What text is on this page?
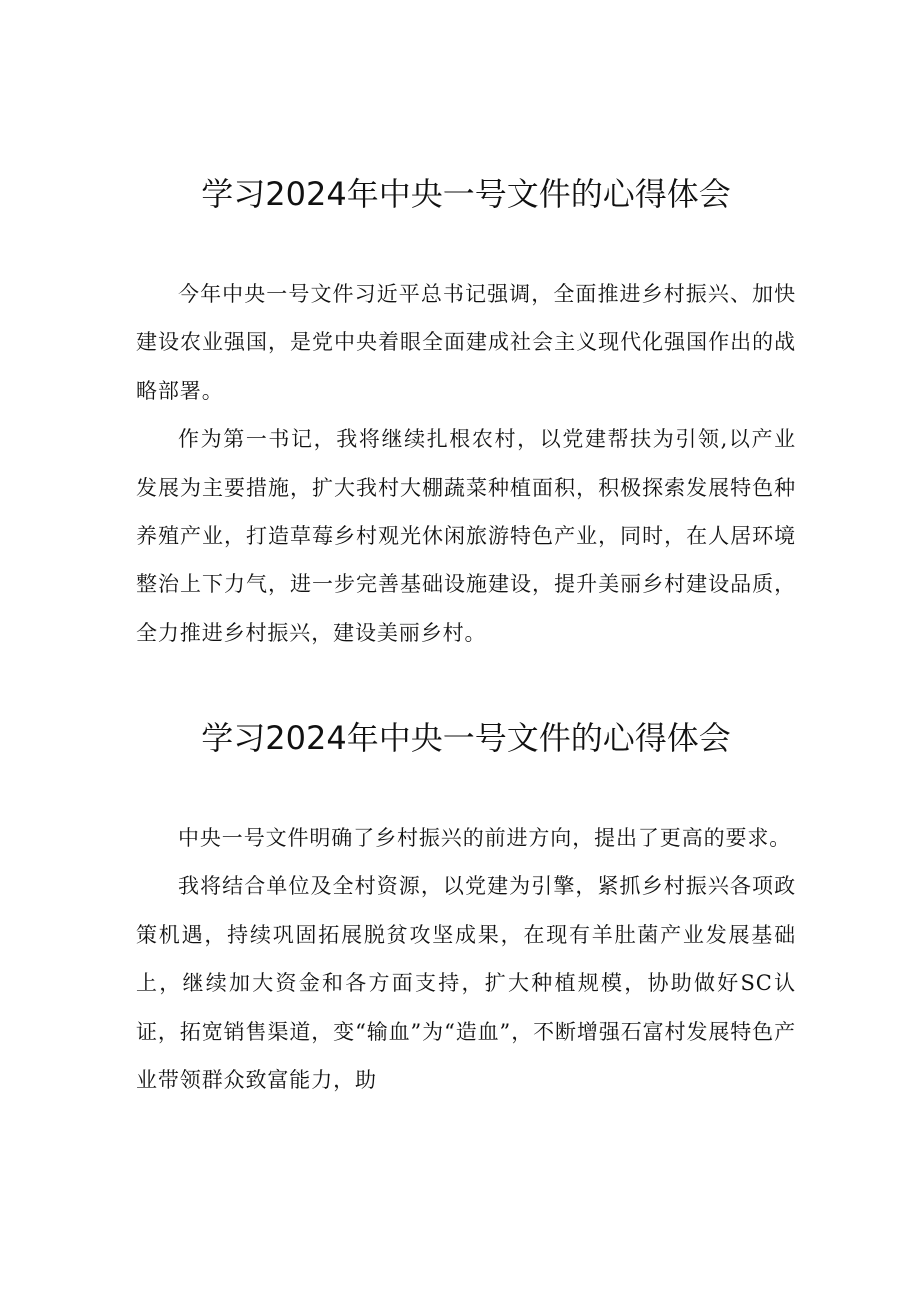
学习2024年中央一号文件的心得体会

今年中央一号文件习近平总书记强调，全面推进乡村振兴、加快建设农业强国，是党中央着眼全面建成社会主义现代化强国作出的战略部署。

作为第一书记，我将继续扎根农村，以党建帮扶为引领,以产业发展为主要措施，扩大我村大棚蔬菜种植面积，积极探索发展特色种养殖产业，打造草莓乡村观光休闲旅游特色产业，同时，在人居环境整治上下力气，进一步完善基础设施建设，提升美丽乡村建设品质，全力推进乡村振兴，建设美丽乡村。

学习2024年中央一号文件的心得体会

中央一号文件明确了乡村振兴的前进方向，提出了更高的要求。

我将结合单位及全村资源，以党建为引擎，紧抓乡村振兴各项政策机遇，持续巩固拓展脱贫攻坚成果，在现有羊肚菌产业发展基础上，继续加大资金和各方面支持，扩大种植规模，协助做好SC认证，拓宽销售渠道，变“输血”为“造血”，不断增强石富村发展特色产业带领群众致富能力，助
